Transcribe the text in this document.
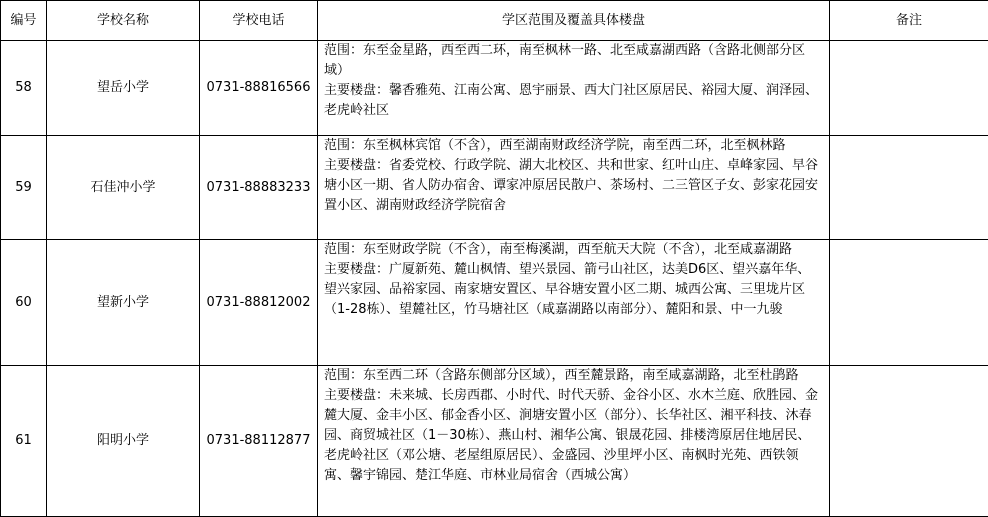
编号	学校名称	学校电话	学区范围及覆盖具体楼盘	备注
58	望岳小学	0731-88816566	范围：东至金星路，西至西二环，南至枫林一路、北至咸嘉湖西路（含路北侧部分区域）
主要楼盘：馨香雅苑、江南公寓、恩宇丽景、西大门社区原居民、裕园大厦、润泽园、老虎岭社区	

59	石佳冲小学	0731-88883233	范围：东至枫林宾馆（不含），西至湖南财政经济学院，南至西二环，北至枫林路
主要楼盘：省委党校、行政学院、湖大北校区、共和世家、红叶山庄、卓峰家园、早谷塘小区一期、省人防办宿舍、谭家冲原居民散户、茶场村、二三管区子女、彭家花园安置小区、湖南财政经济学院宿舍	

60	望新小学	0731-88812002	范围：东至财政学院（不含），南至梅溪湖，西至航天大院（不含），北至咸嘉湖路
主要楼盘：广厦新苑、麓山枫情、望兴景园、箭弓山社区，达美D6区、望兴嘉年华、望兴家园、品裕家园、南家塘安置区、早谷塘安置小区二期、城西公寓、三里垅片区（1-28栋）、望麓社区，竹马塘社区（咸嘉湖路以南部分）、麓阳和景、中一九骏	

61	阳明小学	0731-88112877	范围：东至西二环（含路东侧部分区域），西至麓景路，南至咸嘉湖路，北至杜鹃路
主要楼盘：未来城、长房西郡、小时代、时代天骄、金谷小区、水木兰庭、欣胜园、金麓大厦、金丰小区、郁金香小区、涧塘安置小区（部分）、长华社区、湘平科技、沐春园、商贸城社区（1－30栋）、燕山村、湘华公寓、银晟花园、排楼湾原居住地居民、老虎岭社区（邓公塘、老屋组原居民）、金盛园、沙里坪小区、南枫时光苑、西铁领寓、馨宇锦园、楚江华庭、市林业局宿舍（西城公寓）	
